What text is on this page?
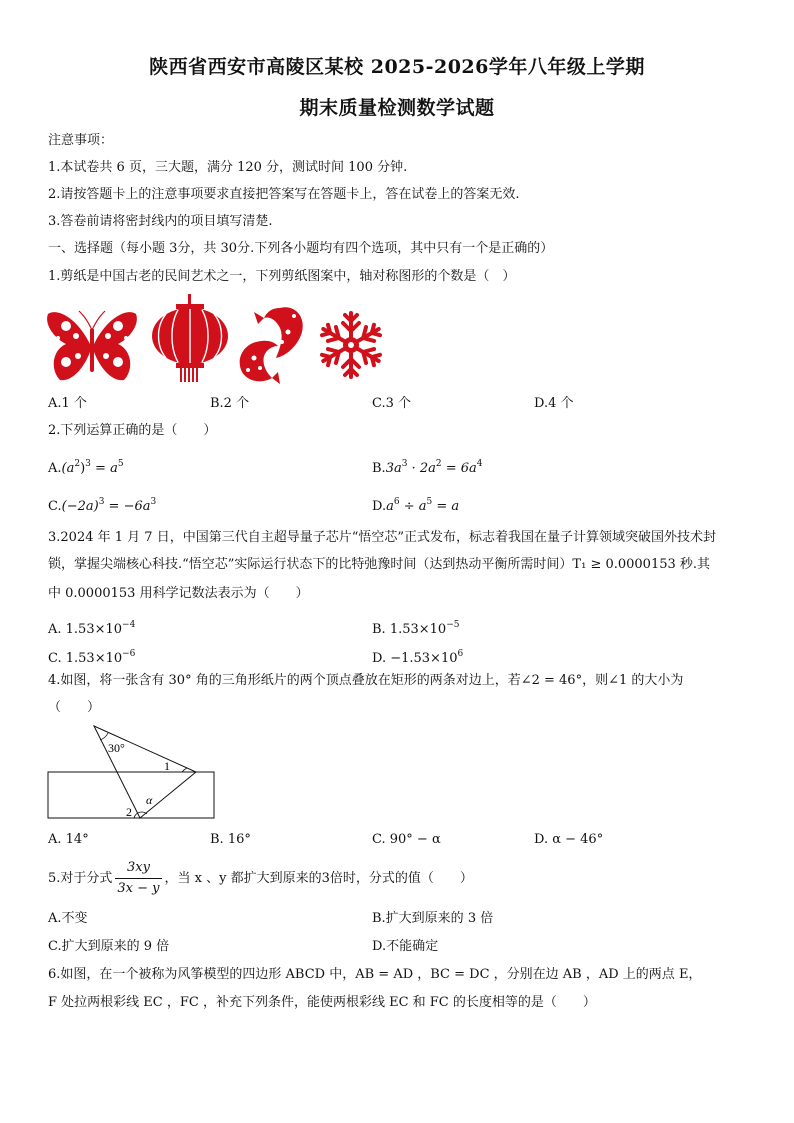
陕西省西安市高陵区某校 2025-2026学年八年级上学期
期末质量检测数学试题
注意事项：
1.本试卷共 6 页，三大题，满分 120 分，测试时间 100 分钟.
2.请按答题卡上的注意事项要求直接把答案写在答题卡上，答在试卷上的答案无效.
3.答卷前请将密封线内的项目填写清楚.
一、选择题（每小题 3分，共 30分.下列各小题均有四个选项，其中只有一个是正确的）
1.剪纸是中国古老的民间艺术之一，下列剪纸图案中，轴对称图形的个数是（　）
A.1 个	B.2 个	C.3 个	D.4 个
2.下列运算正确的是（　　）
$A.(a^2)^3 = a^5$	$B.3a^3 \cdot 2a^2 = 6a^4$
$C.(-2a)^3 = -6a^3$	$D.a^6 \div a^5 = a$
3.2024 年 1 月 7 日，中国第三代自主超导量子芯片“悟空芯”正式发布，标志着我国在量子计算领域突破国外技术封
锁，掌握尖端核心科技.“悟空芯”实际运行状态下的比特弛豫时间（达到热动平衡所需时间）T₁ ≥ 0.0000153 秒.其
中 0.0000153 用科学记数法表示为（　　）
A. $1.53\times 10^{-4}$	B. $1.53\times 10^{-5}$
C. $1.53\times 10^{-6}$	D. $-1.53\times 10^6$
4.如图，将一张含有 30° 角的三角形纸片的两个顶点叠放在矩形的两条对边上，若∠2 = 46°，则∠1 的大小为
（　　）
30°
1
2
α
A. 14°	B. 16°	C. 90° − α	D. α − 46°
5.对于分式 $\frac{3xy}{3x - y}$ ，当 x 、y 都扩大到原来的3倍时，分式的值（　　）
A.不变	B.扩大到原来的 3 倍
C.扩大到原来的 9 倍	D.不能确定
6.如图，在一个被称为风筝模型的四边形 ABCD 中，AB = AD ，BC = DC ，分别在边 AB ，AD 上的两点 E，
F 处拉两根彩线 EC ，FC ，补充下列条件，能使两根彩线 EC 和 FC 的长度相等的是（　　）
